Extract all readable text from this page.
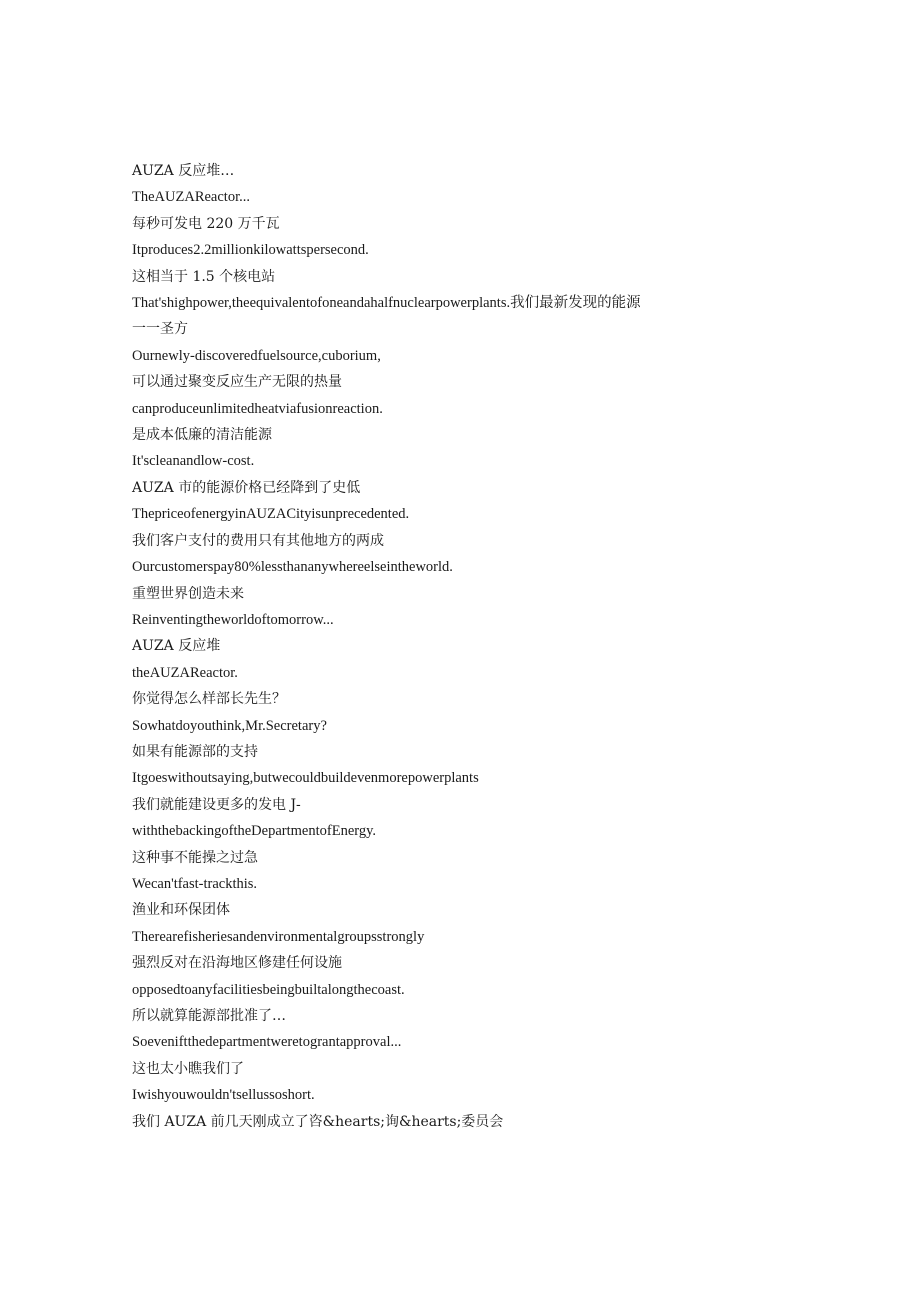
AUZA 反应堆…
TheAUZAReactor...
每秒可发电 220 万千瓦
Itproduces2.2millionkilowattspersecond.
这相当于 1.5 个核电站
That'shighpower,theequivalentofoneandahalfnuclearpowerplants.我们最新发现的能源
一一圣方
Ournewly-discoveredfuelsource,cuborium,
可以通过聚变反应生产无限的热量
canproduceunlimitedheatviafusionreaction.
是成本低廉的清洁能源
It'scleanandlow-cost.
AUZA 市的能源价格已经降到了史低
ThepriceofenergyinAUZACityisunprecedented.
我们客户支付的费用只有其他地方的两成
Ourcustomerspay80%lessthananywhereelseintheworld.
重塑世界创造未来
Reinventingtheworldoftomorrow...
AUZA 反应堆
theAUZAReactor.
你觉得怎么样部长先生？
Sowhatdoyouthink,Mr.Secretary?
如果有能源部的支持
Itgoeswithoutsaying,butwecouldbuildevenmorepowerplants
我们就能建设更多的发电 J-
withthebackingoftheDepartmentofEnergy.
这种事不能操之过急
Wecan'tfast-trackthis.
渔业和环保团体
Therearefisheriesandenvironmentalgroupsstrongly
强烈反对在沿海地区修建任何设施
opposedtoanyfacilitiesbeingbuiltalongthecoast.
所以就算能源部批准了…
Soeveniftthedepartmentweretograntapproval...
这也太小瞧我们了
Iwishyouwouldn'tsellussoshort.
我们 AUZA 前几天刚成立了咨&hearts;询&hearts;委员会
